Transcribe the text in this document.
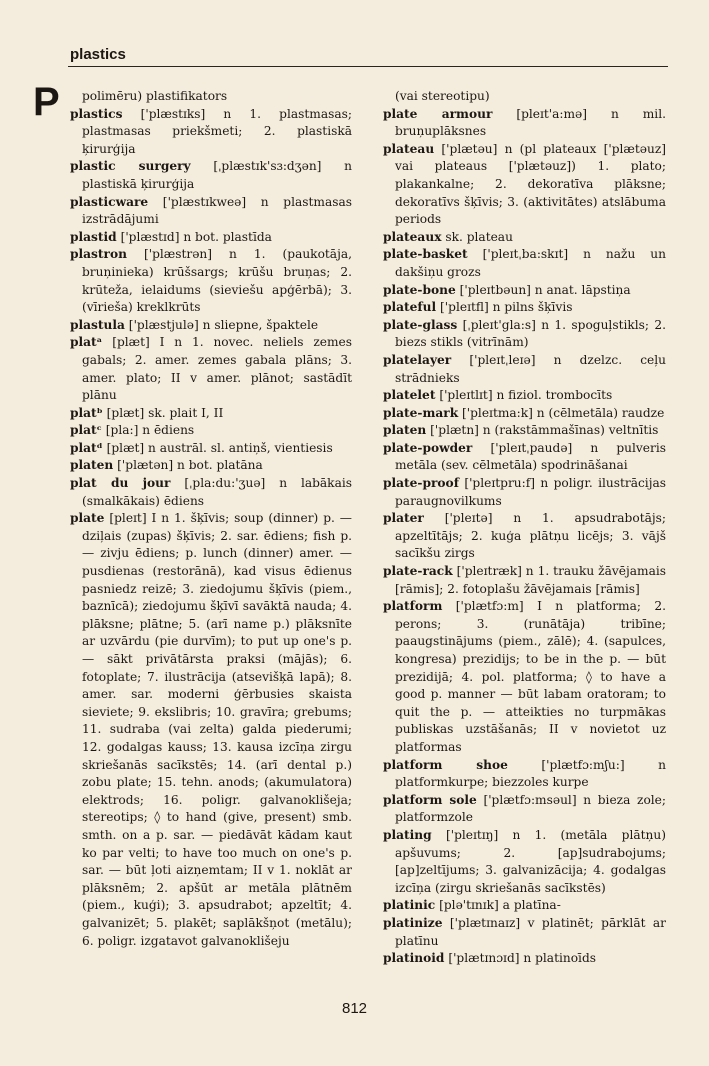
plastics
P	polimēru) plastifikators

plastics ['plæstɪks] n 1. plastmasas; plastmasas priekšmeti; 2. plastiskā ķirurģija

plastic surgery [ˌplæstɪk'sɜ:dʒən] n plastiskā ķirurģija

plasticware ['plæstɪkweə] n plastmasas izstrādājumi

plastid ['plæstɪd] n bot. plastīda

plastron ['plæstrən] n 1. (paukotāja, bruņinieka) krūšsargs; krūšu bruņas; 2. krūteža, ielaidums (sieviešu apģērbā); 3. (vīrieša) kreklkrūts

plastula ['plæstjulə] n sliepne, špaktele

platᵃ [plæt] I n 1. novec. neliels zemes gabals; 2. amer. zemes gabala plāns; 3. amer. plato; II v amer. plānot; sastādīt plānu

platᵇ [plæt] sk. plait I, II

platᶜ [pla:] n ēdiens

platᵈ [plæt] n austrāl. sl. antiņš, vientiesis

platen ['plætən] n bot. platāna

plat du jour [ˌpla:du:'ʒuə] n labākais (smalkākais) ēdiens

plate [pleɪt] I n 1. šķīvis; soup (dinner) p. — dziļais (zupas) šķīvis; 2. sar. ēdiens; fish p. — zivju ēdiens; p. lunch (dinner) amer. — pusdienas (restorānā), kad visus ēdienus pasniedz reizē; 3. ziedojumu šķīvis (piem., baznīcā); ziedojumu šķīvī savāktā nauda; 4. plāksne; plātne; 5. (arī name p.) plāksnīte ar uzvārdu (pie durvīm); to put up one's p. — sākt privātārsta praksi (mājās); 6. fotoplate; 7. ilustrācija (atsevišķā lapā); 8. amer. sar. moderni ģērbusies skaista sieviete; 9. ekslibris; 10. gravīra; grebums; 11. sudraba (vai zelta) galda piederumi; 12. godalgas kauss; 13. kausa izcīņa zirgu skriešanās sacīkstēs; 14. (arī dental p.) zobu plate; 15. tehn. anods; (akumulatora) elektrods; 16. poligr. galvanoklišeja; stereotips; ◊ to hand (give, present) smb. smth. on a p. sar. — piedāvāt kādam kaut ko par velti; to have too much on one's p. sar. — būt ļoti aizņemtam; II v 1. noklāt ar plāksnēm; 2. apšūt ar metāla plātnēm (piem., kuģi); 3. apsudrabot; apzeltīt; 4. galvanizēt; 5. plakēt; saplākšņot (metālu); 6. poligr. izgatavot galvanoklišeju

(vai stereotipu)

plate armour [pleɪt'a:mə] n mil. bruņuplāksnes

plateau ['plætəu] n (pl plateaux ['plætəuz] vai plateaus ['plætəuz]) 1. plato; plakankalne; 2. dekoratīva plāksne; dekoratīvs šķīvis; 3. (aktivitātes) atslābuma periods

plateaux sk. plateau

plate-basket ['pleɪtˌba:skɪt] n nažu un dakšiņu grozs

plate-bone ['pleɪtbəun] n anat. lāpstiņa

plateful ['pleɪtfl] n pilns šķīvis

plate-glass [ˌpleɪt'gla:s] n 1. spoguļstikls; 2. biezs stikls (vitrīnām)

platelayer ['pleɪtˌleɪə] n dzelzc. ceļu strādnieks

platelet ['pleɪtlɪt] n fiziol. trombocīts

plate-mark ['pleɪtma:k] n (cēlmetāla) raudze

platen ['plætn] n (rakstāmmašīnas) veltnītis

plate-powder ['pleɪtˌpaudə] n pulveris metāla (sev. cēlmetāla) spodrināšanai

plate-proof ['pleɪtpru:f] n poligr. ilustrācijas paraugnovilkums

plater ['pleɪtə] n 1. apsudrabotājs; apzeltītājs; 2. kuģa plātņu licējs; 3. vājš sacīkšu zirgs

plate-rack ['pleɪtræk] n 1. trauku žāvējamais [rāmis]; 2. fotoplašu žāvējamais [rāmis]

platform ['plætfɔ:m] I n platforma; 2. perons; 3. (runātāja) tribīne; paaugstinājums (piem., zālē); 4. (sapulces, kongresa) prezidijs; to be in the p. — būt prezidijā; 4. pol. platforma; ◊ to have a good p. manner — būt labam oratoram; to quit the p. — atteikties no turpmākas publiskas uzstāšanās; II v novietot uz platformas

platform shoe ['plætfɔ:mʃu:] n platformkurpe; biezzoles kurpe

platform sole ['plætfɔ:msəul] n bieza zole; platformzole

plating ['pleɪtɪŋ] n 1. (metāla plātņu) apšuvums; 2. [ap]sudrabojums; [ap]zeltījums; 3. galvanizācija; 4. godalgas izcīņa (zirgu skriešanās sacīkstēs)

platinic [plə'tɪnɪk] a platīna-

platinize ['plætɪnaɪz] v platinēt; pārklāt ar platīnu

platinoid ['plætɪnɔɪd] n platinoīds

812
